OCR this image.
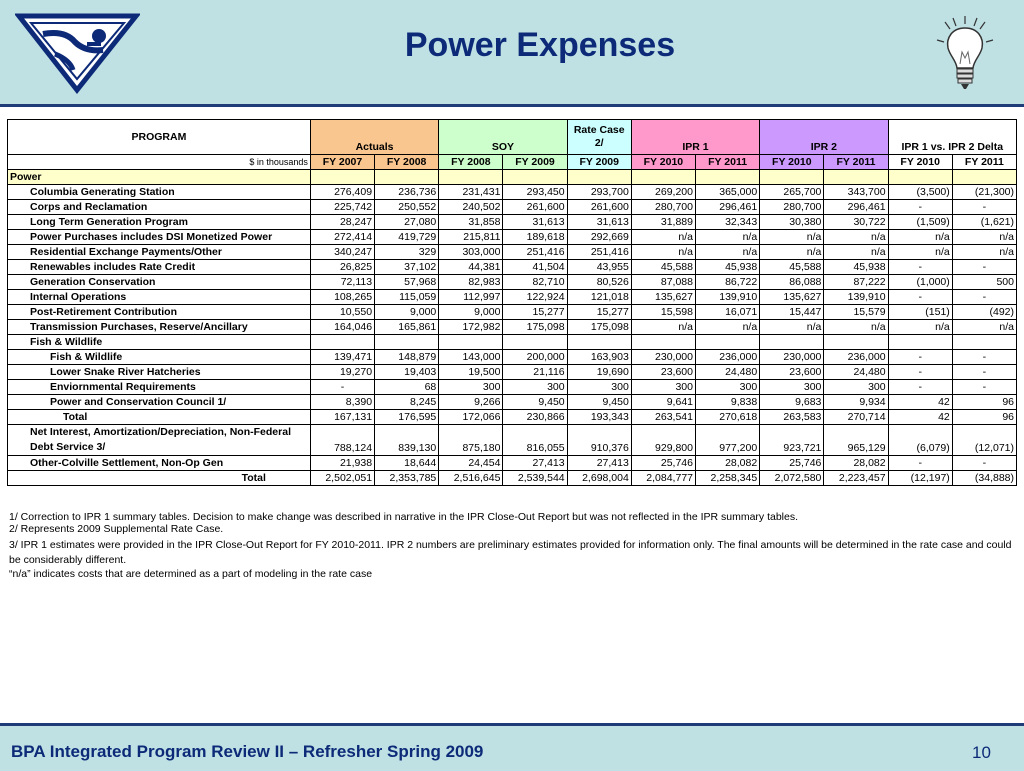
Power Expenses
PROGRAM	Actuals		SOY		Rate Case 2/	IPR 1		IPR 2		IPR 1 vs. IPR 2 Delta	
$ in thousands	FY 2007	FY 2008	FY 2008	FY 2009	FY 2009	FY 2010	FY 2011	FY 2010	FY 2011	FY 2010	FY 2011
Power											
Columbia Generating Station	276,409	236,736	231,431	293,450	293,700	269,200	365,000	265,700	343,700	(3,500)	(21,300)
Corps and Reclamation	225,742	250,552	240,502	261,600	261,600	280,700	296,461	280,700	296,461	-	-
Long Term Generation Program	28,247	27,080	31,858	31,613	31,613	31,889	32,343	30,380	30,722	(1,509)	(1,621)
Power Purchases includes DSI Monetized Power	272,414	419,729	215,811	189,618	292,669	n/a	n/a	n/a	n/a	n/a	n/a
Residential Exchange Payments/Other	340,247	329	303,000	251,416	251,416	n/a	n/a	n/a	n/a	n/a	n/a
Renewables includes Rate Credit	26,825	37,102	44,381	41,504	43,955	45,588	45,938	45,588	45,938	-	-
Generation Conservation	72,113	57,968	82,983	82,710	80,526	87,088	86,722	86,088	87,222	(1,000)	500
Internal Operations	108,265	115,059	112,997	122,924	121,018	135,627	139,910	135,627	139,910	-	-
Post-Retirement Contribution	10,550	9,000	9,000	15,277	15,277	15,598	16,071	15,447	15,579	(151)	(492)
Transmission Purchases, Reserve/Ancillary	164,046	165,861	172,982	175,098	175,098	n/a	n/a	n/a	n/a	n/a	n/a
Fish & Wildlife											
Fish & Wildlife	139,471	148,879	143,000	200,000	163,903	230,000	236,000	230,000	236,000	-	-
Lower Snake River Hatcheries	19,270	19,403	19,500	21,116	19,690	23,600	24,480	23,600	24,480	-	-
Enviornmental Requirements	-	68	300	300	300	300	300	300	300	-	-
Power and Conservation Council 1/	8,390	8,245	9,266	9,450	9,450	9,641	9,838	9,683	9,934	42	96
Total	167,131	176,595	172,066	230,866	193,343	263,541	270,618	263,583	270,714	42	96
Net Interest, Amortization/Depreciation, Non-Federal Debt Service 3/	788,124	839,130	875,180	816,055	910,376	929,800	977,200	923,721	965,129	(6,079)	(12,071)
Other-Colville Settlement, Non-Op Gen	21,938	18,644	24,454	27,413	27,413	25,746	28,082	25,746	28,082	-	-
Total	2,502,051	2,353,785	2,516,645	2,539,544	2,698,004	2,084,777	2,258,345	2,072,580	2,223,457	(12,197)	(34,888)
1/ Correction to IPR 1 summary tables. Decision to make change was described in narrative in the IPR Close-Out Report but was not reflected in the IPR summary tables.
2/ Represents 2009 Supplemental Rate Case.
3/ IPR 1 estimates were provided in the IPR Close-Out Report for FY 2010-2011. IPR 2 numbers are preliminary estimates provided for information only. The final amounts will be determined in the rate case and could be considerably different.
“n/a” indicates costs that are determined as a part of modeling in the rate case
BPA Integrated Program Review II – Refresher Spring 2009	10
